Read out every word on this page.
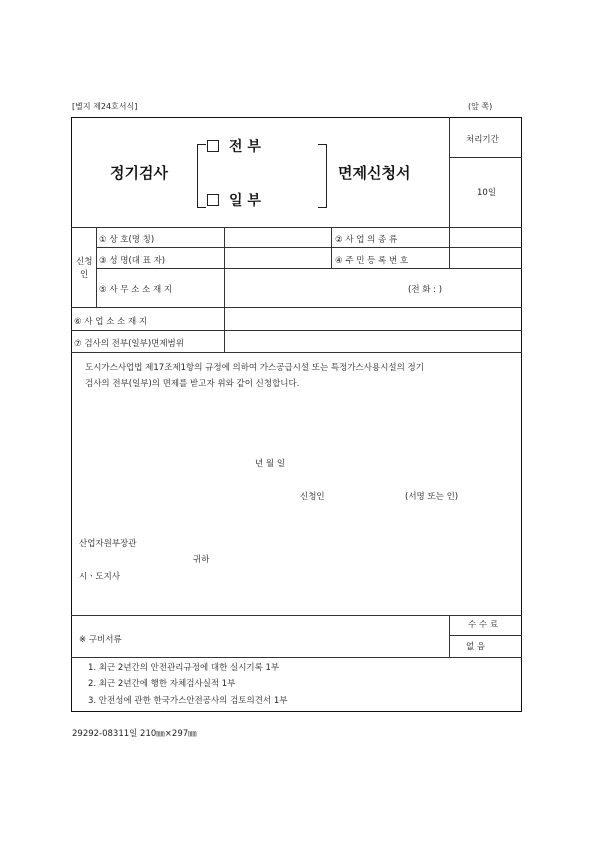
[별지 제24호서식]	(앞 쪽)
정기검사
전 부
일 부
면제신청서
처리기간
10일
신청
인
① 상 호(명 칭)	② 사 업 의 종 류
③ 성 명(대 표 자)	④ 주 민 등 록 번 호
⑤ 사 무 소 소 재 지	(전 화 : )
⑥ 사 업 소 소 재 지
⑦ 검사의 전부(일부)면제범위
도시가스사업법 제17조제1항의 규정에 의하여 가스공급시설 또는 특정가스사용시설의 정기
검사의 전부(일부)의 면제를 받고자 위와 같이 신청합니다.
년 월 일
신청인	(서명 또는 인)
산업자원부장관
귀하
시ㆍ도지사
※ 구비서류
수 수 료
없 음
1. 최근 2년간의 안전관리규정에 대한 실시기록 1부
2. 최근 2년간에 행한 자체검사실적 1부
3. 안전성에 관한 한국가스안전공사의 검토의견서 1부
29292-08311일 210㎜×297㎜
